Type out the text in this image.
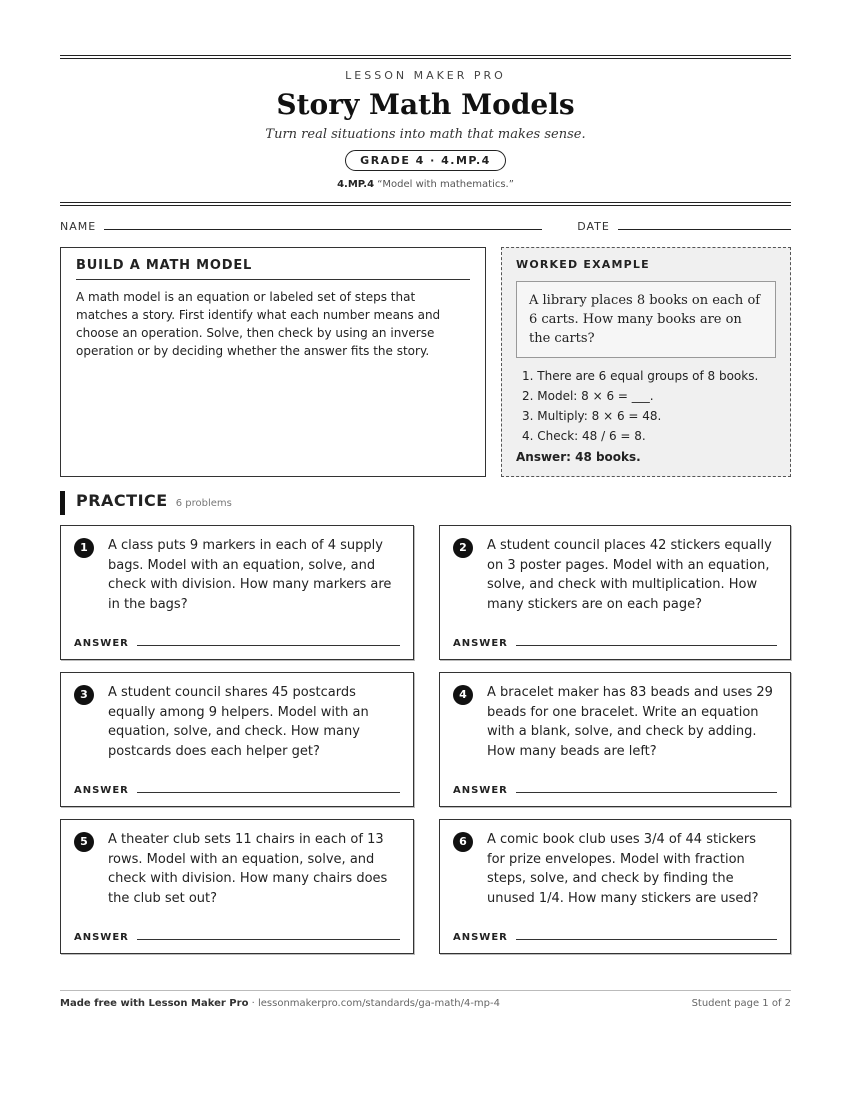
LESSON MAKER PRO
Story Math Models
Turn real situations into math that makes sense.
GRADE 4 · 4.MP.4
4.MP.4 “Model with mathematics.”
NAME	DATE
BUILD A MATH MODEL

A math model is an equation or labeled set of steps that matches a story. First identify what each number means and choose an operation. Solve, then check by using an inverse operation or by deciding whether the answer fits the story.

WORKED EXAMPLE
A library places 8 books on each of 6 carts. How many books are on the carts?
1. There are 6 equal groups of 8 books.
2. Model: 8 × 6 = ___.
3. Multiply: 8 × 6 = 48.
4. Check: 48 / 6 = 8.
Answer: 48 books.
PRACTICE 6 problems
1	A class puts 9 markers in each of 4 supply bags. Model with an equation, solve, and check with division. How many markers are in the bags?
ANSWER
2	A student council places 42 stickers equally on 3 poster pages. Model with an equation, solve, and check with multiplication. How many stickers are on each page?
ANSWER
3	A student council shares 45 postcards equally among 9 helpers. Model with an equation, solve, and check. How many postcards does each helper get?
ANSWER
4	A bracelet maker has 83 beads and uses 29 beads for one bracelet. Write an equation with a blank, solve, and check by adding. How many beads are left?
ANSWER
5	A theater club sets 11 chairs in each of 13 rows. Model with an equation, solve, and check with division. How many chairs does the club set out?
ANSWER
6	A comic book club uses 3/4 of 44 stickers for prize envelopes. Model with fraction steps, solve, and check by finding the unused 1/4. How many stickers are used?
ANSWER
Made free with Lesson Maker Pro · lessonmakerpro.com/standards/ga-math/4-mp-4	Student page 1 of 2
